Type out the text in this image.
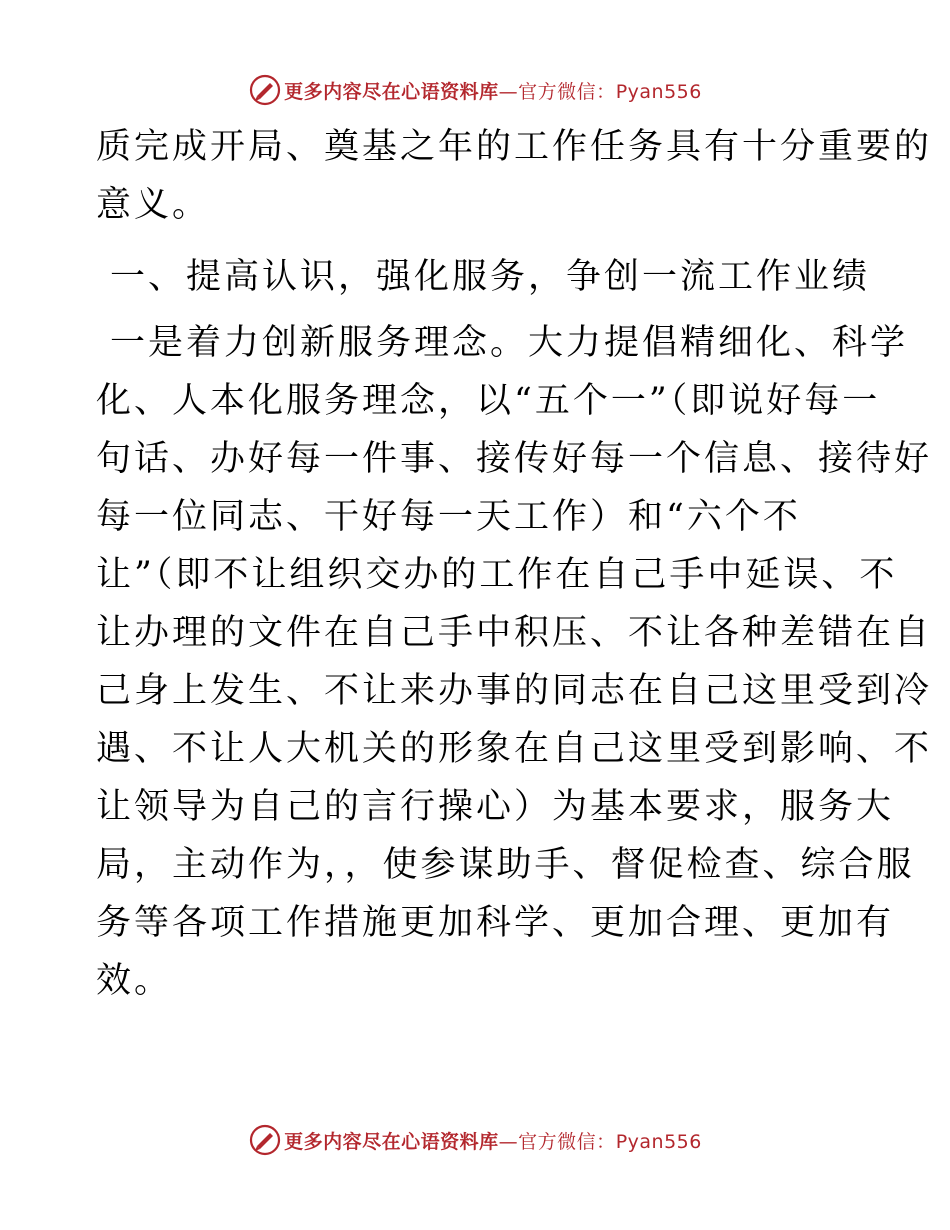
更多内容尽在心语资料库—官方微信：Pyan556
质完成开局、奠基之年的工作任务具有十分重要的
意义。
一、提高认识，强化服务，争创一流工作业绩
一是着力创新服务理念。大力提倡精细化、科学
化、人本化服务理念，以“五个一”（即说好每一
句话、办好每一件事、接传好每一个信息、接待好
每一位同志、干好每一天工作）和“六个不
让”（即不让组织交办的工作在自己手中延误、不
让办理的文件在自己手中积压、不让各种差错在自
己身上发生、不让来办事的同志在自己这里受到冷
遇、不让人大机关的形象在自己这里受到影响、不
让领导为自己的言行操心）为基本要求，服务大
局，主动作为，，使参谋助手、督促检查、综合服
务等各项工作措施更加科学、更加合理、更加有
效。
更多内容尽在心语资料库—官方微信：Pyan556
